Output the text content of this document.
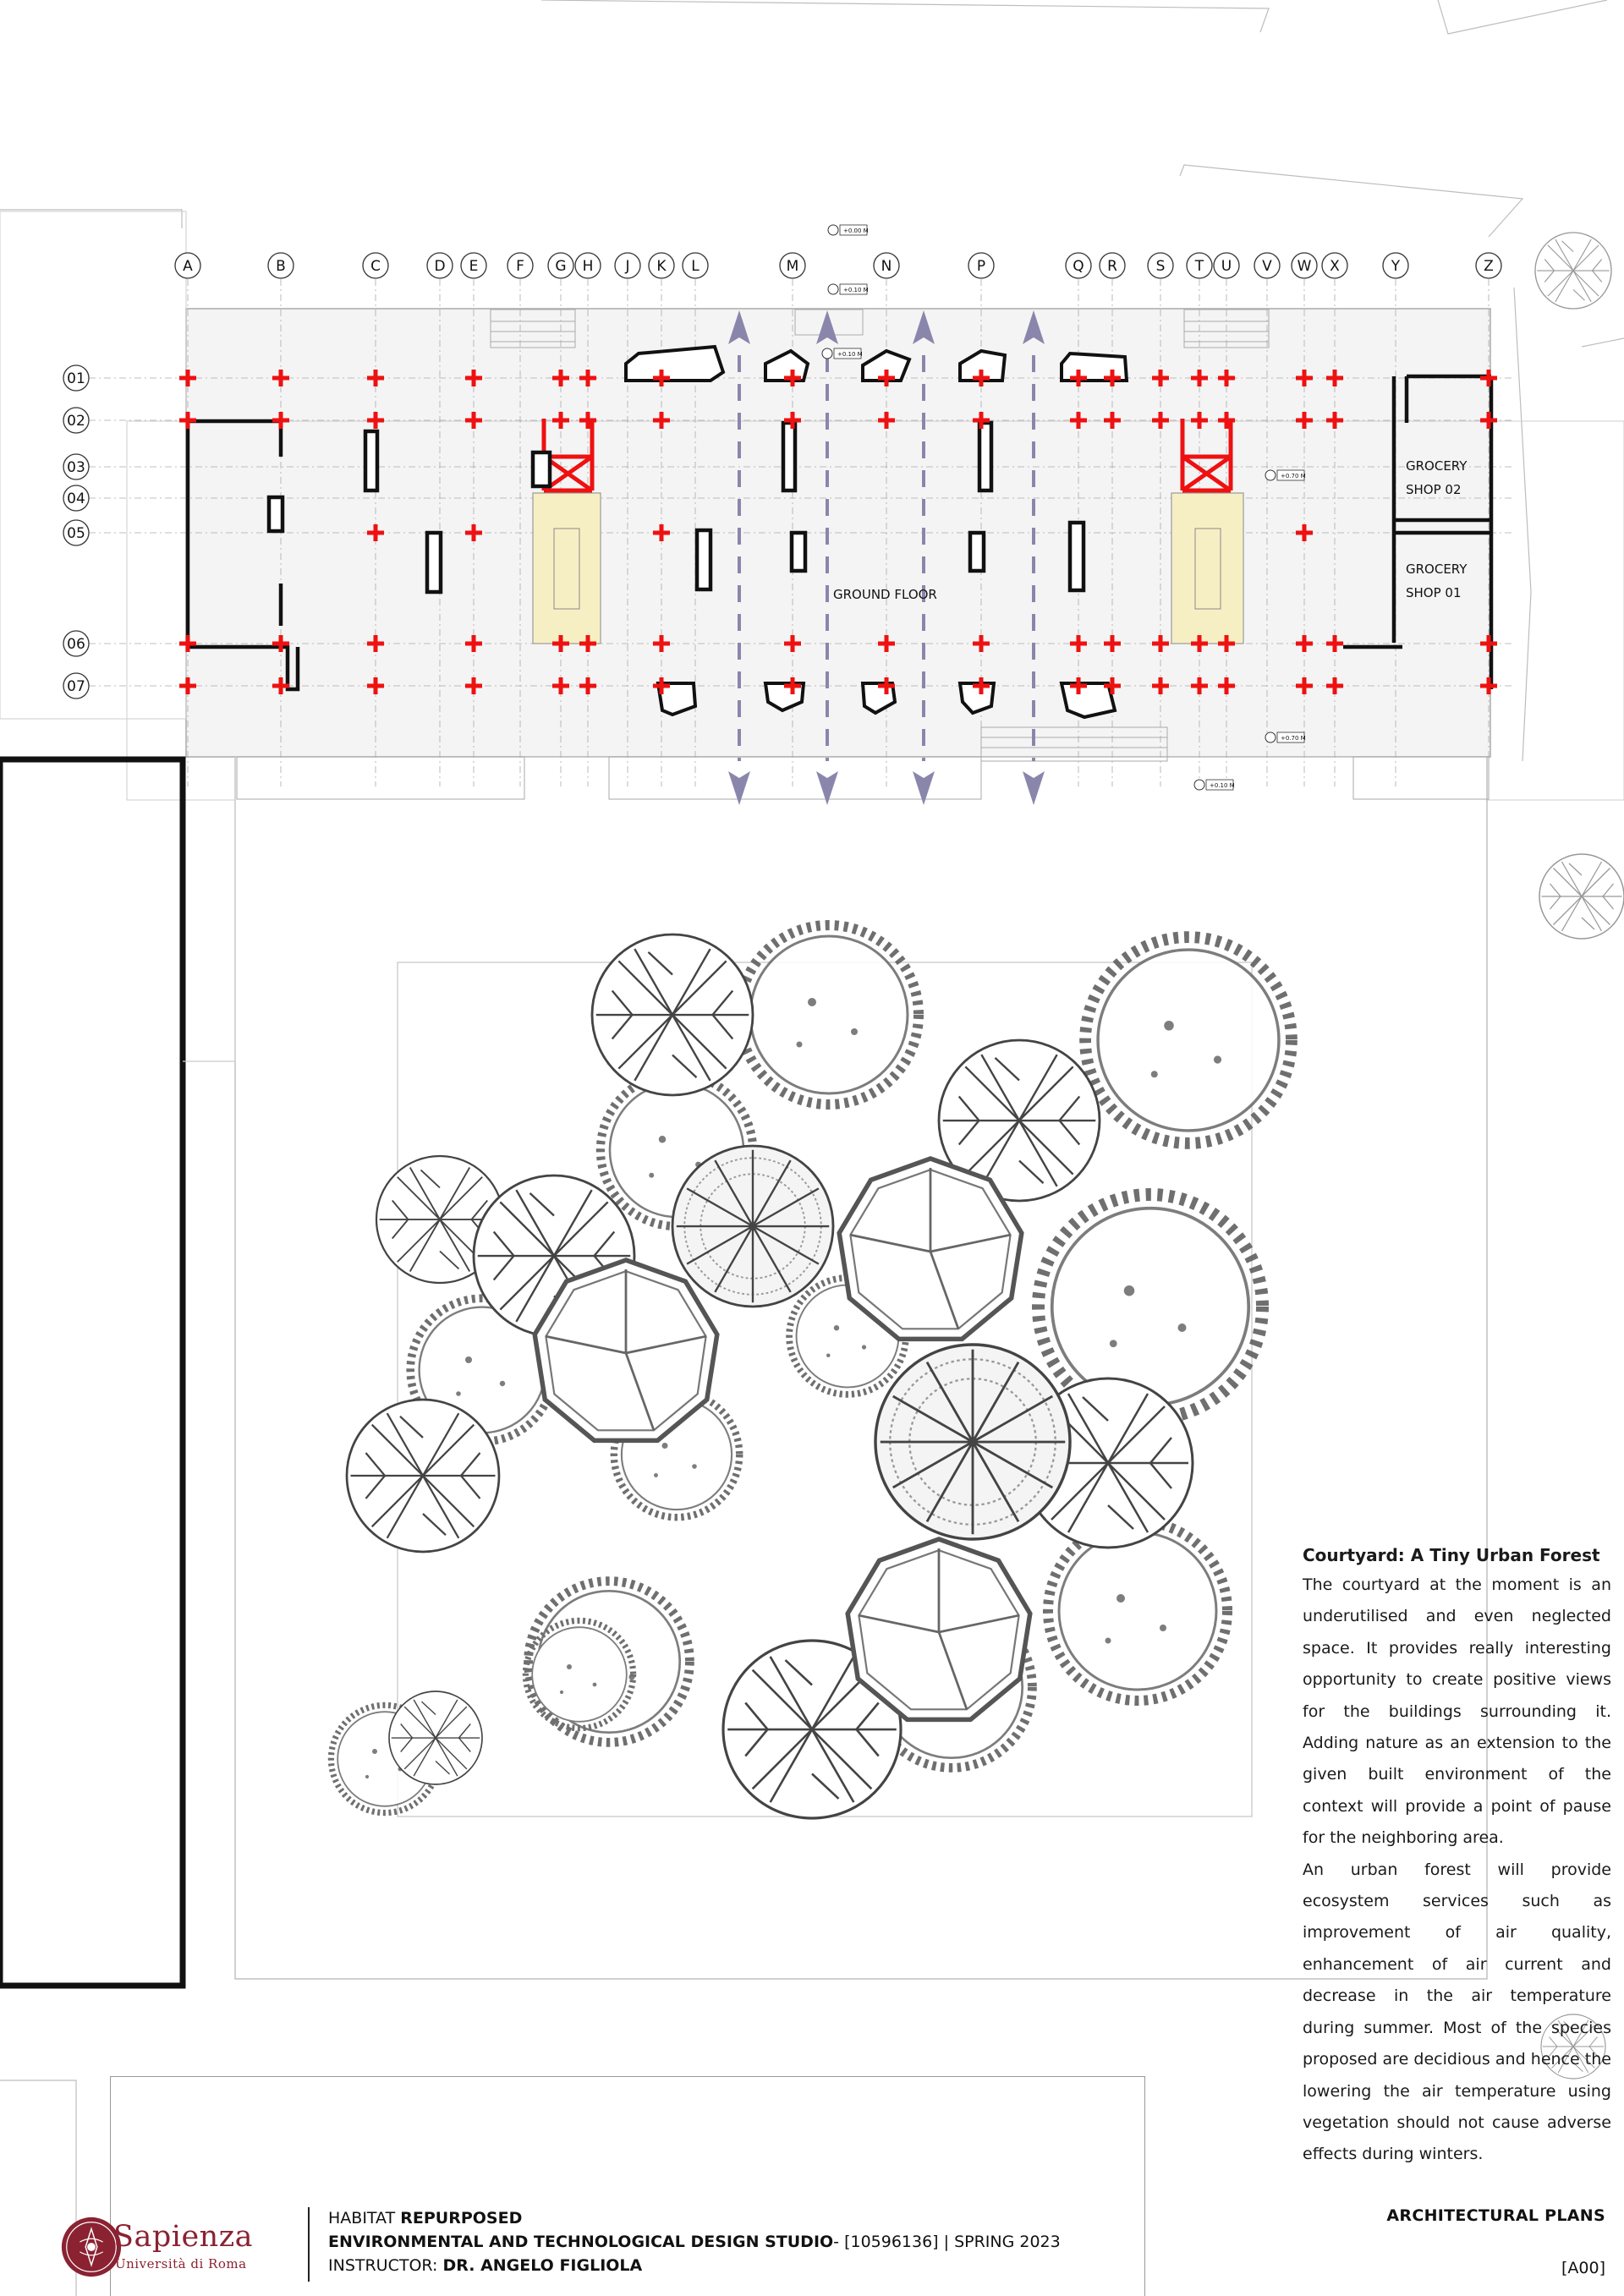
A	B	C	D E	F G H J K L	M	N	P	Q R	S T U V W X	Y	Z
01
02
03
04
05
06
07
GROUND FLOOR
GROCERY
SHOP 02
GROCERY
SHOP 01
+0.00 M
+0.10 M
+0.10 M
+0.70 M
+0.70 M
+0.10 M
Courtyard: A Tiny Urban Forest

The courtyard at the moment is an underutilised and even neglected space. It provides really interesting opportunity to create positive views for the buildings surrounding it. Adding nature as an extension to the given built environment of the context will provide a point of pause for the neighboring area.

An urban forest will provide ecosystem services such as improvement of air quality, enhancement of air current and decrease in the air temperature during summer. Most of the species proposed are decidious and hence the lowering the air temperature using vegetation should not cause adverse effects during winters.

ARCHITECTURAL PLANS
[A00]
Sapienza
Università di Roma
HABITAT REPURPOSED
ENVIRONMENTAL AND TECHNOLOGICAL DESIGN STUDIO- [10596136] | SPRING 2023
INSTRUCTOR: DR. ANGELO FIGLIOLA
